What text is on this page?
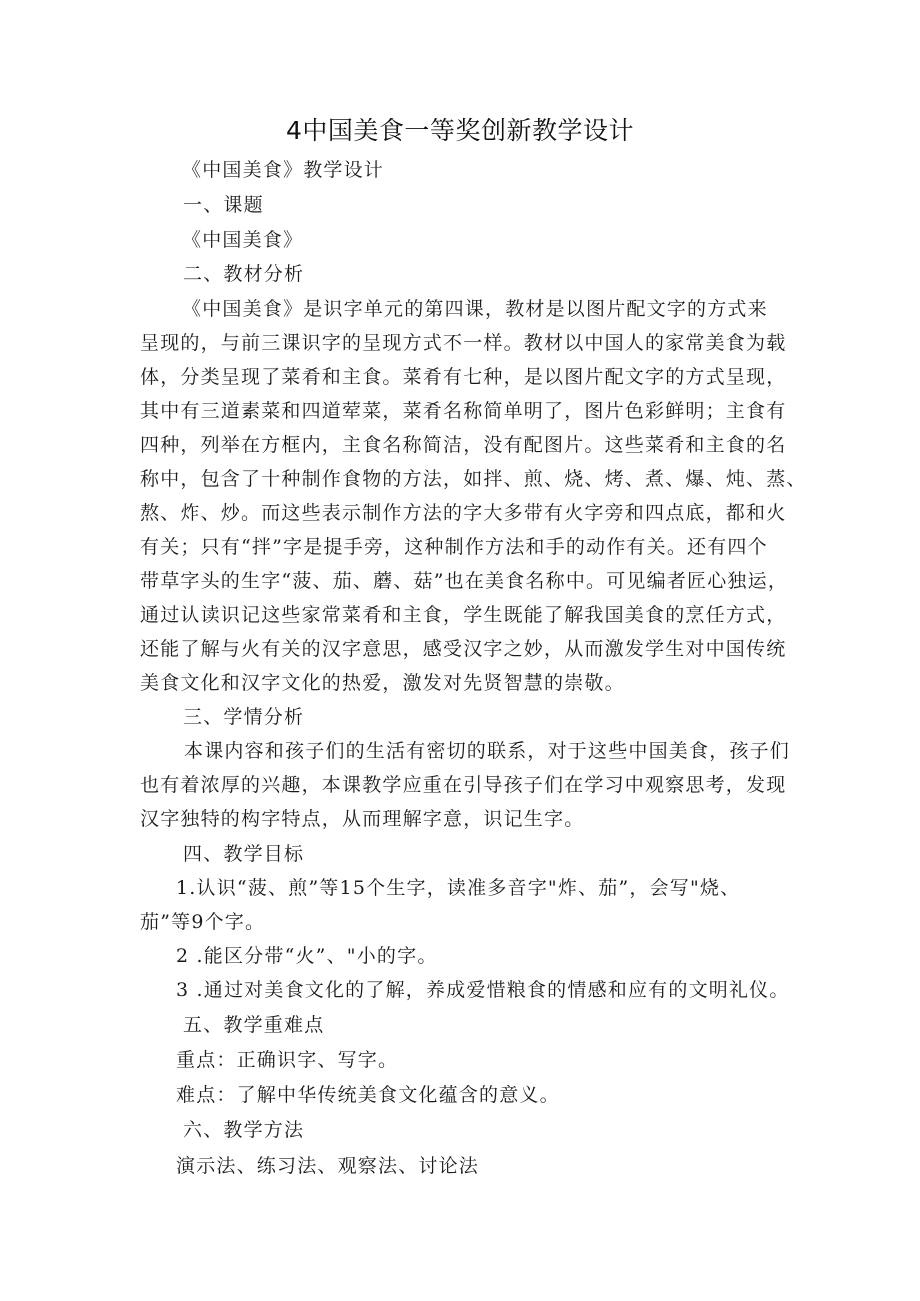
4中国美食一等奖创新教学设计
《中国美食》教学设计
一、课题
《中国美食》
二、教材分析
《中国美食》是识字单元的第四课，教材是以图片配文字的方式来
呈现的，与前三课识字的呈现方式不一样。教材以中国人的家常美食为载
体，分类呈现了菜肴和主食。菜肴有七种，是以图片配文字的方式呈现，
其中有三道素菜和四道荤菜，菜肴名称简单明了，图片色彩鲜明；主食有
四种，列举在方框内，主食名称简洁，没有配图片。这些菜肴和主食的名
称中，包含了十种制作食物的方法，如拌、煎、烧、烤、煮、爆、炖、蒸、
熬、炸、炒。而这些表示制作方法的字大多带有火字旁和四点底，都和火
有关；只有“拌”字是提手旁，这种制作方法和手的动作有关。还有四个
带草字头的生字“菠、茄、蘑、菇”也在美食名称中。可见编者匠心独运，
通过认读识记这些家常菜肴和主食，学生既能了解我国美食的烹任方式，
还能了解与火有关的汉字意思，感受汉字之妙，从而激发学生对中国传统
美食文化和汉字文化的热爱，激发对先贤智慧的崇敬。
三、学情分析
本课内容和孩子们的生活有密切的联系，对于这些中国美食，孩子们
也有着浓厚的兴趣，本课教学应重在引导孩子们在学习中观察思考，发现
汉字独特的构字特点，从而理解字意，识记生字。
四、教学目标
1.认识“菠、煎”等15个生字，读准多音字"炸、茄”，会写"烧、
茄”等9个字。
2 .能区分带“火”、"小的字。
3 .通过对美食文化的了解，养成爱惜粮食的情感和应有的文明礼仪。
五、教学重难点
重点：正确识字、写字。
难点：了解中华传统美食文化蕴含的意义。
六、教学方法
演示法、练习法、观察法、讨论法
